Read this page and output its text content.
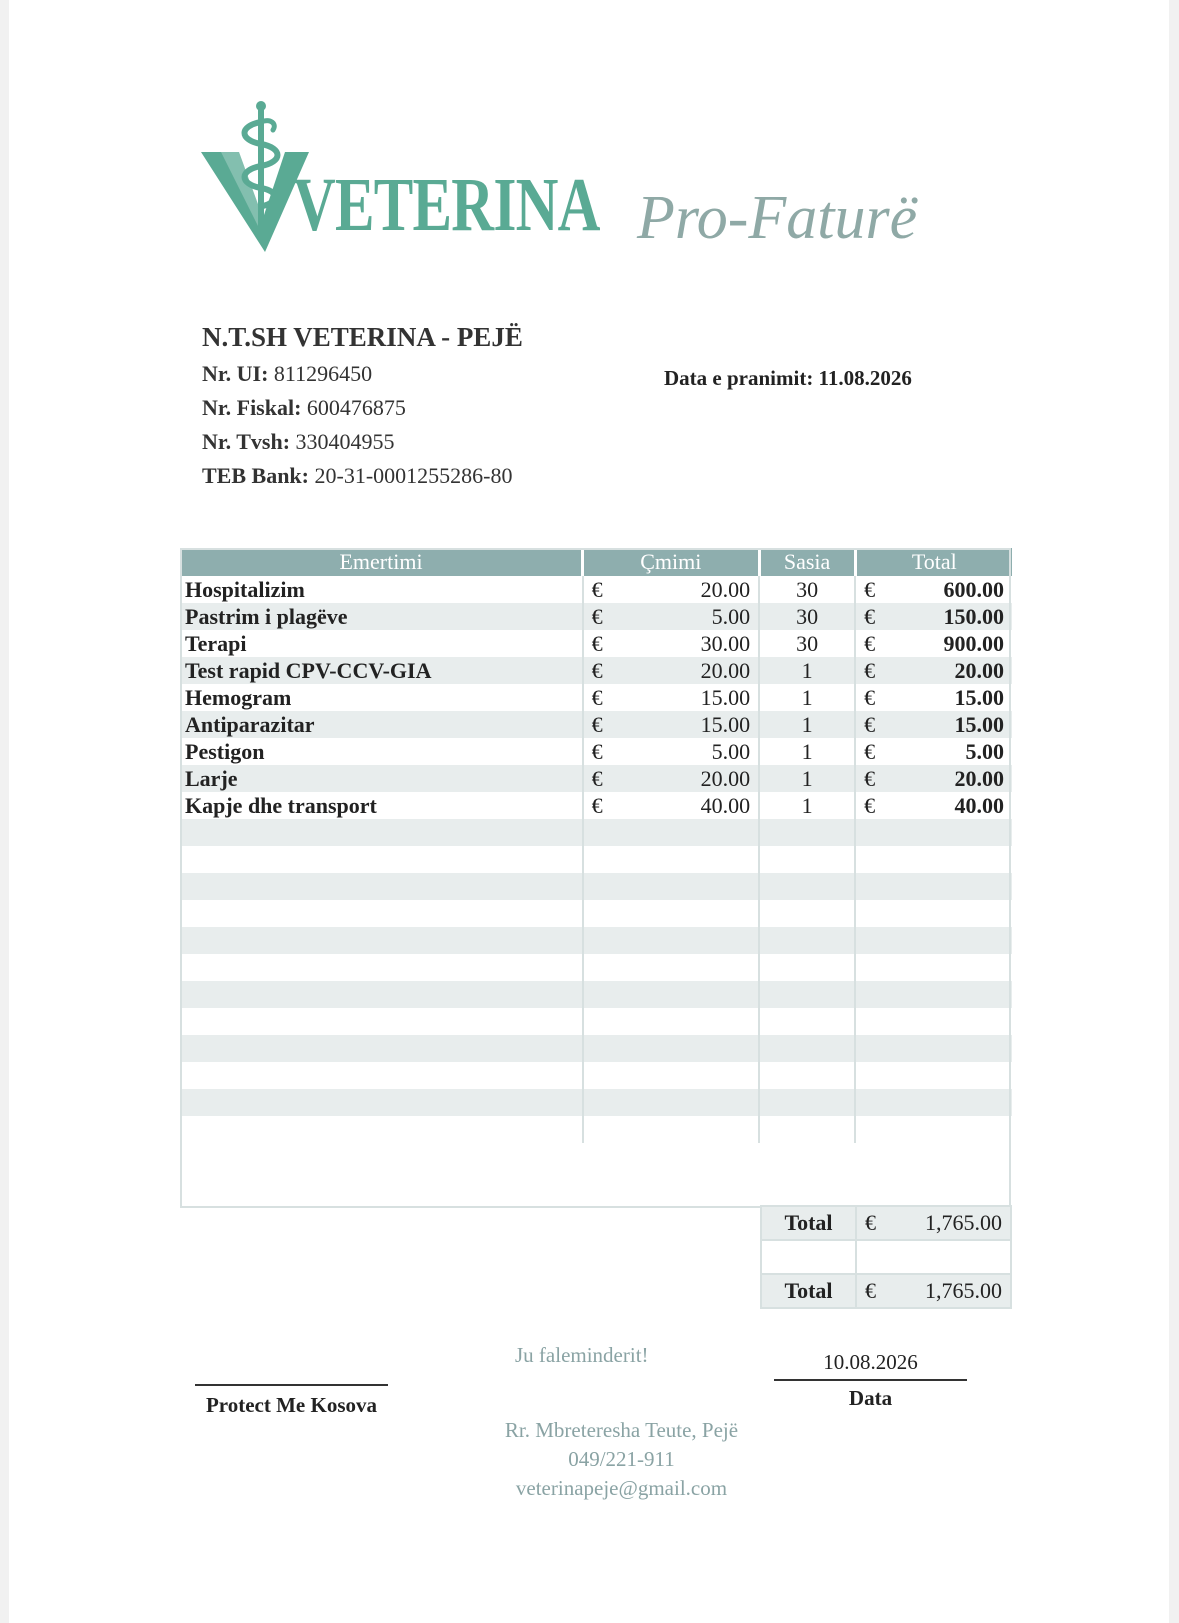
VETERINA Pro-Faturë
N.T.SH VETERINA - PEJË
Nr. UI: 811296450
Nr. Fiskal: 600476875
Nr. Tvsh: 330404955
TEB Bank: 20-31-0001255286-80
Data e pranimit: 11.08.2026
Emertimi	Çmimi	Sasia	Total
Hospitalizim	€ 20.00	30	€ 600.00

Pastrim i plagëve	€ 5.00	30	€ 150.00

Terapi	€ 30.00	30	€ 900.00

Test rapid CPV-CCV-GIA	€ 20.00	1	€ 20.00

Hemogram	€ 15.00	1	€ 15.00

Antiparazitar	€ 15.00	1	€ 15.00

Pestigon	€ 5.00	1	€ 5.00

Larje	€ 20.00	1	€ 20.00

Kapje dhe transport	€ 40.00	1	€ 40.00

Total	€ 1,765.00

Total	€ 1,765.00
Ju faleminderit!
Protect Me Kosova
10.08.2026
Data
Rr. Mbreteresha Teute, Pejë
049/221-911
veterinapeje@gmail.com
